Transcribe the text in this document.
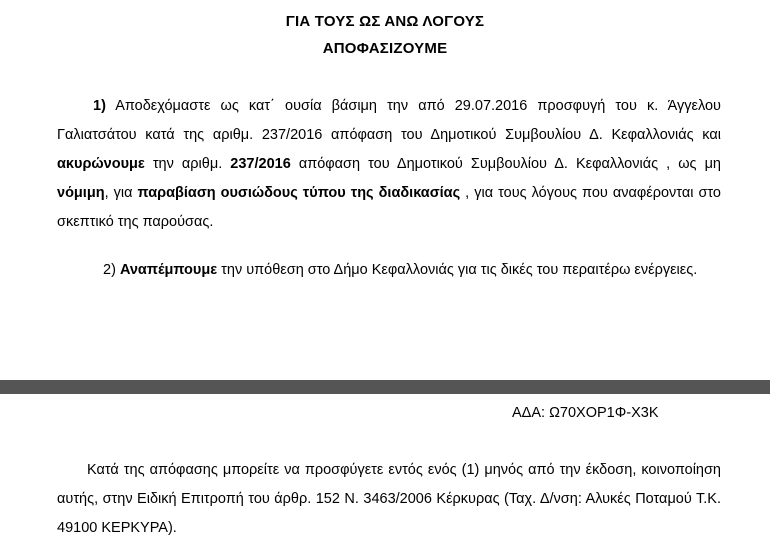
ΓΙΑ ΤΟΥΣ ΩΣ ΑΝΩ ΛΟΓΟΥΣ
ΑΠΟΦΑΣΙΖΟΥΜΕ
1) Αποδεχόμαστε ως κατ΄ ουσία βάσιμη την από 29.07.2016 προσφυγή του κ. Άγγελου Γαλιατσάτου κατά της αριθμ. 237/2016 απόφαση του Δημοτικού Συμβουλίου Δ. Κεφαλλονιάς και ακυρώνουμε την αριθμ. 237/2016 απόφαση του Δημοτικού Συμβουλίου Δ. Κεφαλλονιάς , ως μη νόμιμη, για παραβίαση ουσιώδους τύπου της διαδικασίας , για τους λόγους που αναφέρονται στο σκεπτικό της παρούσας.
2) Αναπέμπουμε την υπόθεση στο Δήμο Κεφαλλονιάς για τις δικές του περαιτέρω ενέργειες.
ΑΔΑ: Ω70ΧΟΡ1Φ-Χ3Κ
Κατά της απόφασης μπορείτε να προσφύγετε εντός ενός (1) μηνός από την έκδοση, κοινοποίηση αυτής, στην Ειδική Επιτροπή του άρθρ. 152 Ν. 3463/2006 Κέρκυρας (Ταχ. Δ/νση: Αλυκές Ποταμού Τ.Κ. 49100 ΚΕΡΚΥΡΑ).
